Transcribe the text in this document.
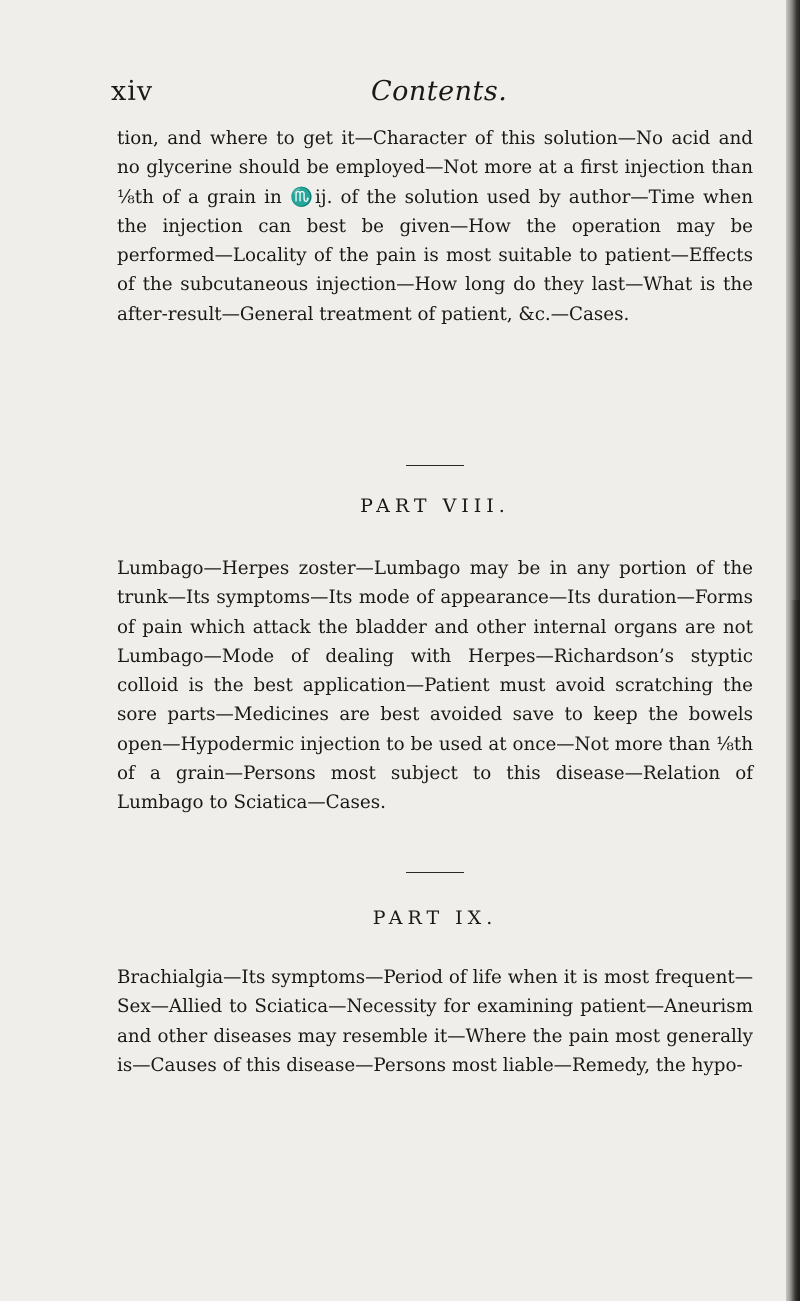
xiv	Contents.

tion, and where to get it—Character of this solution—No acid and no glycerine should be employed—Not more at a first injection than ⅛th of a grain in ♏ij. of the solution used by author—Time when the injection can best be given—How the operation may be performed—Locality of the pain is most suitable to patient—Effects of the subcutaneous injection—How long do they last—What is the after-result—General treatment of patient, &c.—Cases.

PART VIII.

Lumbago—Herpes zoster—Lumbago may be in any portion of the trunk—Its symptoms—Its mode of appearance—Its duration—Forms of pain which attack the bladder and other internal organs are not Lumbago—Mode of dealing with Herpes—Richardson’s styptic colloid is the best application—Patient must avoid scratching the sore parts—Medicines are best avoided save to keep the bowels open—Hypodermic injection to be used at once—Not more than ⅛th of a grain—Persons most subject to this disease—Relation of Lumbago to Sciatica—Cases.

PART IX.

Brachialgia—Its symptoms—Period of life when it is most frequent—Sex—Allied to Sciatica—Necessity for examining patient—Aneurism and other diseases may resemble it—Where the pain most generally is—Causes of this disease—Persons most liable—Remedy, the hypo-
